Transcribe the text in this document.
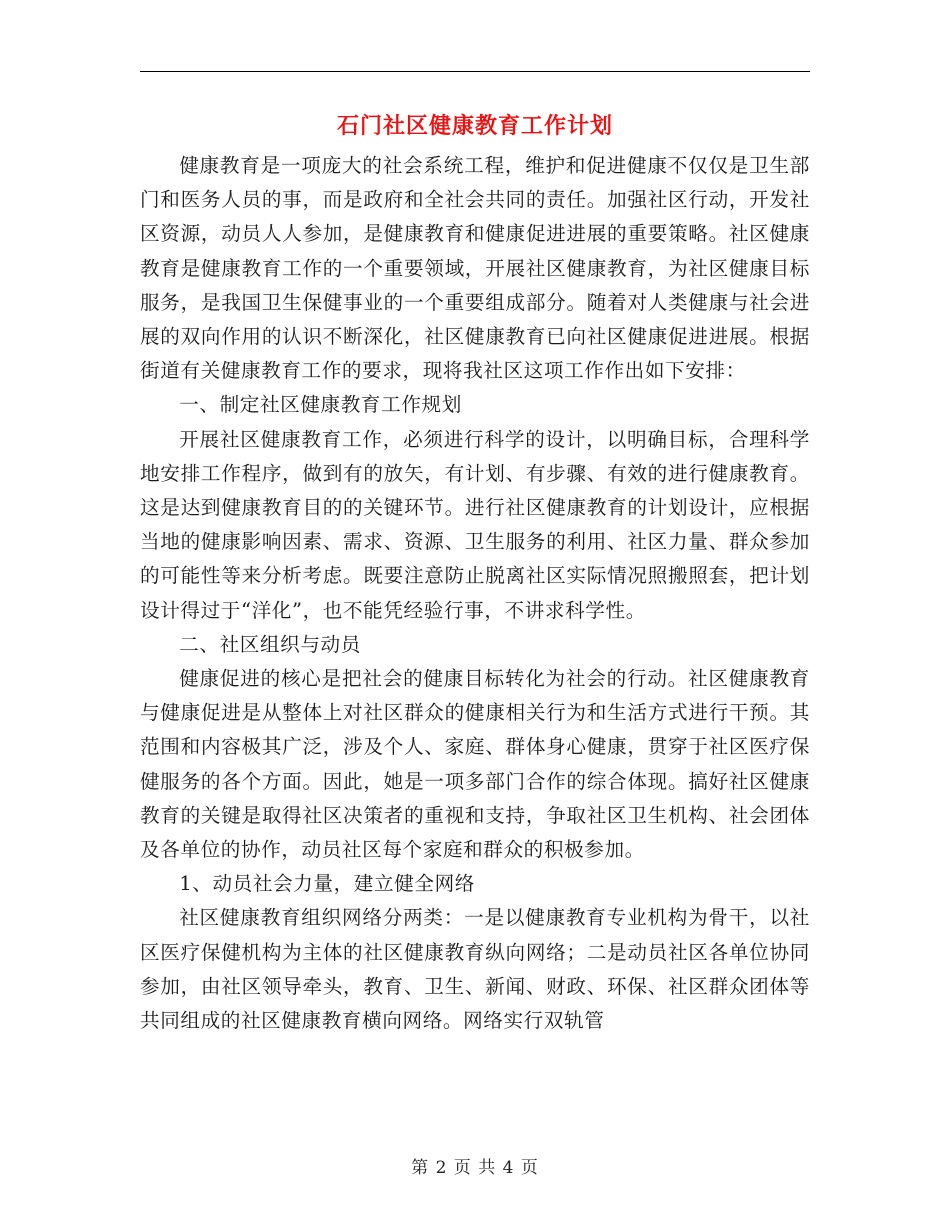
石门社区健康教育工作计划

健康教育是一项庞大的社会系统工程，维护和促进健康不仅仅是卫生部门和医务人员的事，而是政府和全社会共同的责任。加强社区行动，开发社区资源，动员人人参加，是健康教育和健康促进进展的重要策略。社区健康教育是健康教育工作的一个重要领域，开展社区健康教育，为社区健康目标服务，是我国卫生保健事业的一个重要组成部分。随着对人类健康与社会进展的双向作用的认识不断深化，社区健康教育已向社区健康促进进展。根据街道有关健康教育工作的要求，现将我社区这项工作作出如下安排：

一、制定社区健康教育工作规划

开展社区健康教育工作，必须进行科学的设计，以明确目标，合理科学地安排工作程序，做到有的放矢，有计划、有步骤、有效的进行健康教育。这是达到健康教育目的的关键环节。进行社区健康教育的计划设计，应根据当地的健康影响因素、需求、资源、卫生服务的利用、社区力量、群众参加的可能性等来分析考虑。既要注意防止脱离社区实际情况照搬照套，把计划设计得过于“洋化”，也不能凭经验行事，不讲求科学性。

二、社区组织与动员

健康促进的核心是把社会的健康目标转化为社会的行动。社区健康教育与健康促进是从整体上对社区群众的健康相关行为和生活方式进行干预。其范围和内容极其广泛，涉及个人、家庭、群体身心健康，贯穿于社区医疗保健服务的各个方面。因此，她是一项多部门合作的综合体现。搞好社区健康教育的关键是取得社区决策者的重视和支持，争取社区卫生机构、社会团体及各单位的协作，动员社区每个家庭和群众的积极参加。

1、动员社会力量，建立健全网络

社区健康教育组织网络分两类：一是以健康教育专业机构为骨干，以社区医疗保健机构为主体的社区健康教育纵向网络；二是动员社区各单位协同参加，由社区领导牵头，教育、卫生、新闻、财政、环保、社区群众团体等共同组成的社区健康教育横向网络。网络实行双轨管

第 2 页 共 4 页
